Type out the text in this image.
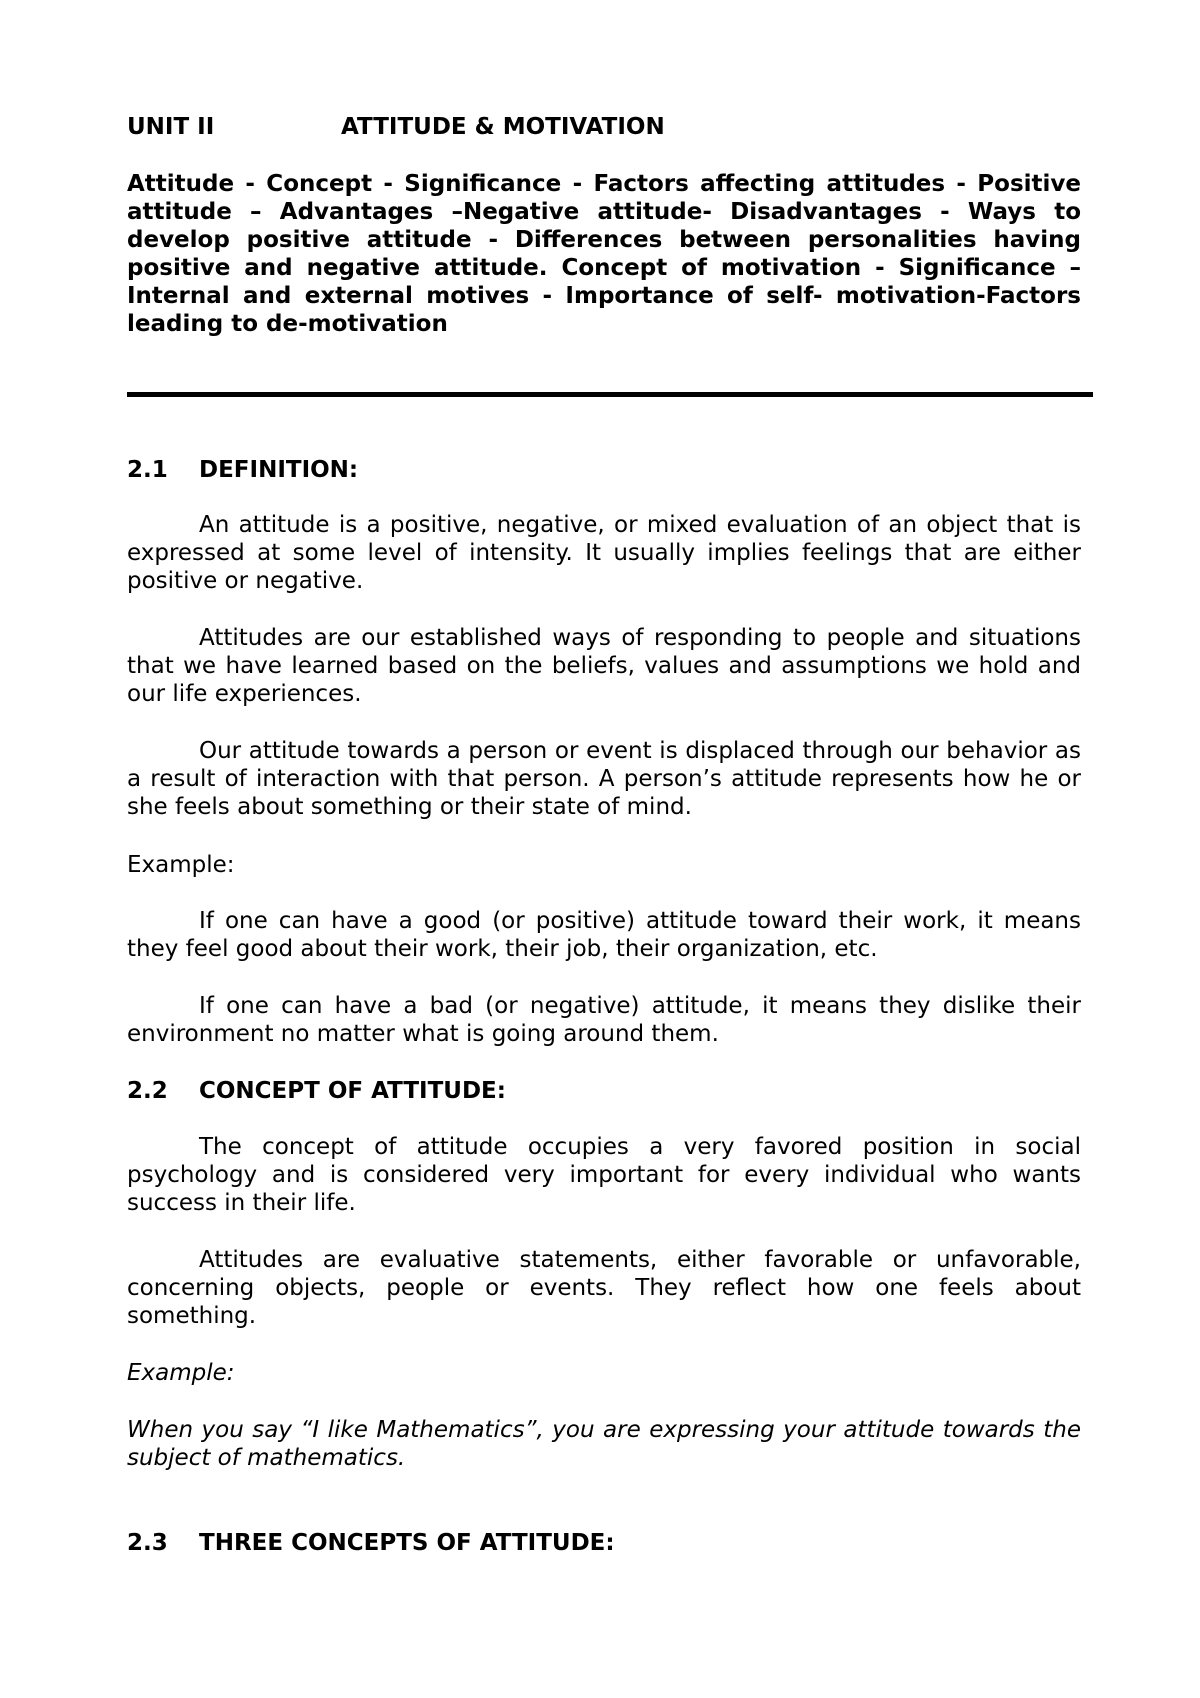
UNIT II	ATTITUDE & MOTIVATION
Attitude - Concept - Significance - Factors affecting attitudes - Positive attitude – Advantages –Negative attitude- Disadvantages - Ways to develop positive attitude - Differences between personalities having positive and negative attitude. Concept of motivation - Significance – Internal and external motives - Importance of self- motivation-Factors leading to de-motivation
2.1 DEFINITION:
An attitude is a positive, negative, or mixed evaluation of an object that is expressed at some level of intensity. It usually implies feelings that are either positive or negative.
Attitudes are our established ways of responding to people and situations that we have learned based on the beliefs, values and assumptions we hold and our life experiences.
Our attitude towards a person or event is displaced through our behavior as a result of interaction with that person. A person’s attitude represents how he or she feels about something or their state of mind.
Example:
If one can have a good (or positive) attitude toward their work, it means they feel good about their work, their job, their organization, etc.
If one can have a bad (or negative) attitude, it means they dislike their environment no matter what is going around them.
2.2 CONCEPT OF ATTITUDE:
The concept of attitude occupies a very favored position in social psychology and is considered very important for every individual who wants success in their life.
Attitudes are evaluative statements, either favorable or unfavorable, concerning objects, people or events. They reflect how one feels about something.
Example:
When you say “I like Mathematics”, you are expressing your attitude towards the subject of mathematics.
2.3 THREE CONCEPTS OF ATTITUDE:
